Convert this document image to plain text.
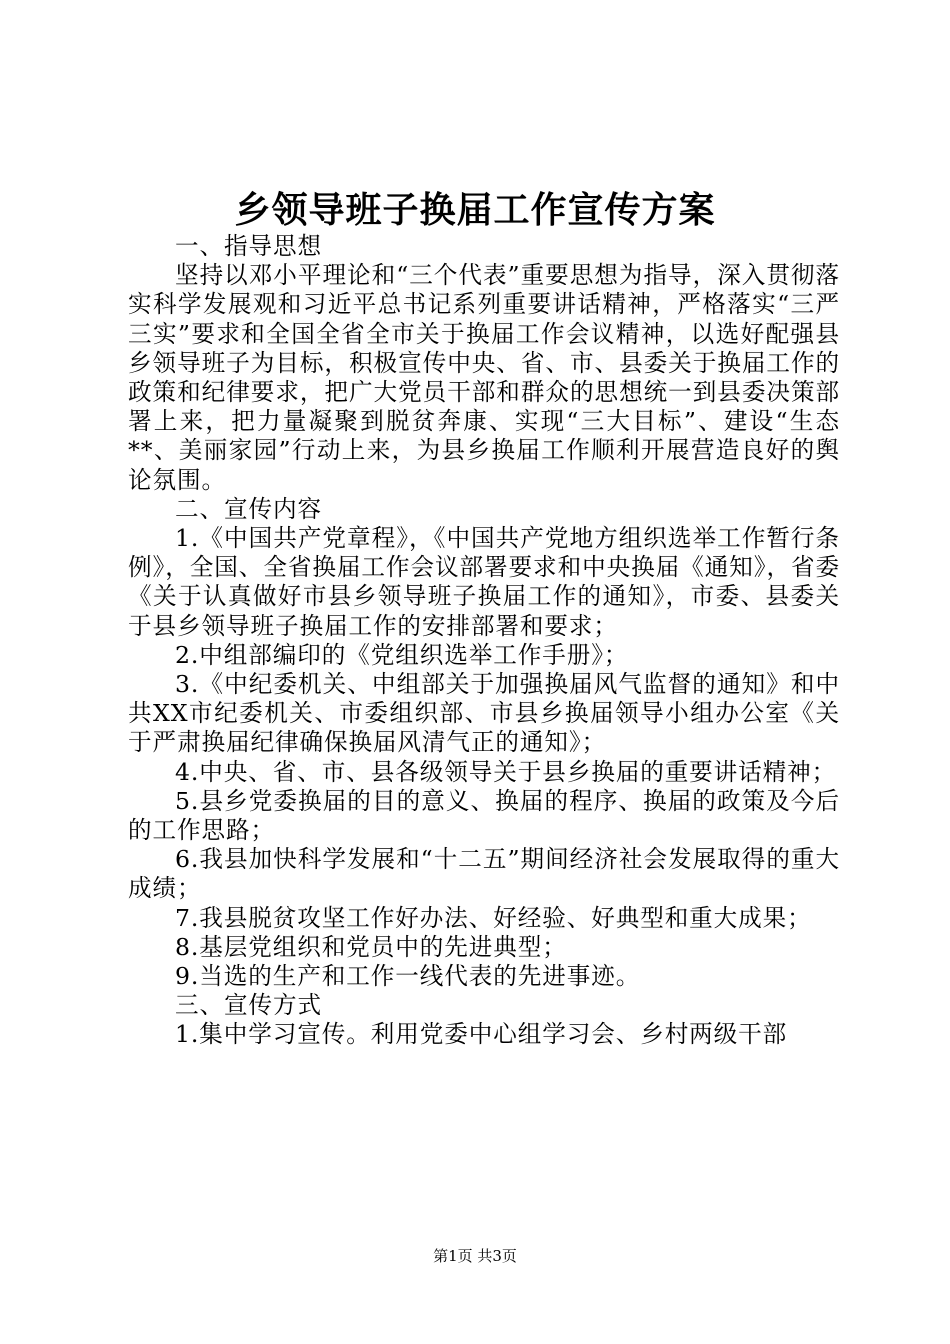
乡领导班子换届工作宣传方案
一、指导思想
坚持以邓小平理论和“三个代表”重要思想为指导，深入贯彻落实科学发展观和习近平总书记系列重要讲话精神，严格落实“三严三实”要求和全国全省全市关于换届工作会议精神，以选好配强县乡领导班子为目标，积极宣传中央、省、市、县委关于换届工作的政策和纪律要求，把广大党员干部和群众的思想统一到县委决策部署上来，把力量凝聚到脱贫奔康、实现“三大目标”、建设“生态**、美丽家园”行动上来，为县乡换届工作顺利开展营造良好的舆论氛围。
二、宣传内容
1.《中国共产党章程》，《中国共产党地方组织选举工作暂行条例》，全国、全省换届工作会议部署要求和中央换届《通知》，省委《关于认真做好市县乡领导班子换届工作的通知》，市委、县委关于县乡领导班子换届工作的安排部署和要求；
2.中组部编印的《党组织选举工作手册》；
3.《中纪委机关、中组部关于加强换届风气监督的通知》和中共XX市纪委机关、市委组织部、市县乡换届领导小组办公室《关于严肃换届纪律确保换届风清气正的通知》；
4.中央、省、市、县各级领导关于县乡换届的重要讲话精神；
5.县乡党委换届的目的意义、换届的程序、换届的政策及今后的工作思路；
6.我县加快科学发展和“十二五”期间经济社会发展取得的重大成绩；
7.我县脱贫攻坚工作好办法、好经验、好典型和重大成果；
8.基层党组织和党员中的先进典型；
9.当选的生产和工作一线代表的先进事迹。
三、宣传方式
1.集中学习宣传。利用党委中心组学习会、乡村两级干部
第1页 共3页
